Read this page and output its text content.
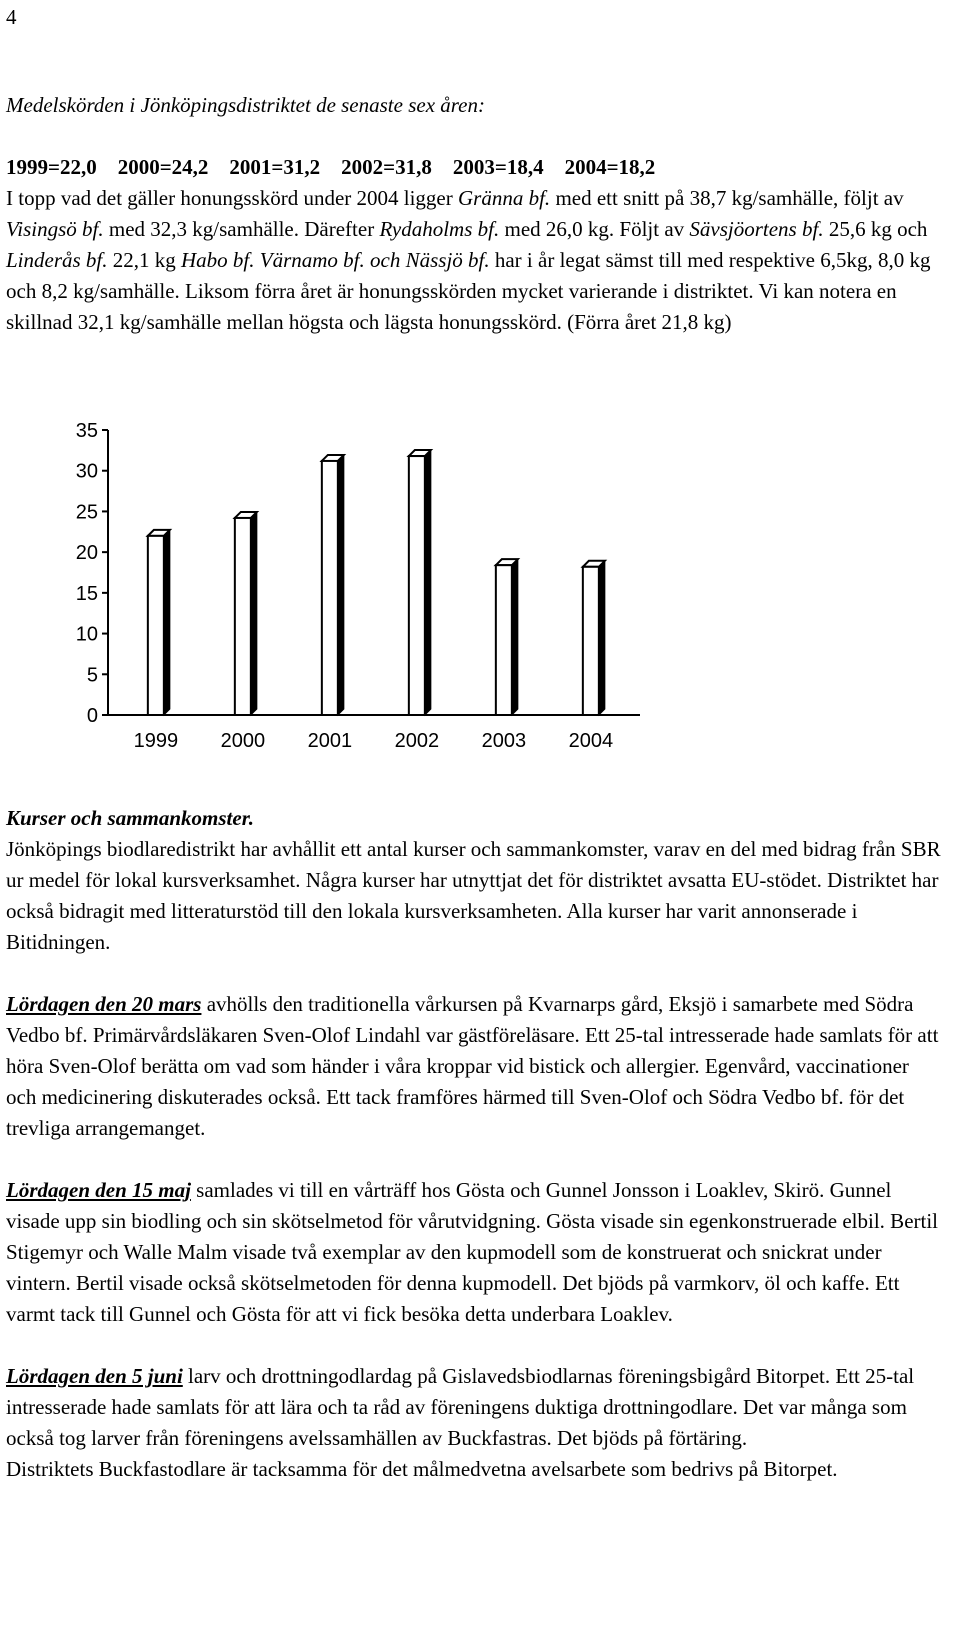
4

Medelskörden i Jönköpingsdistriktet de senaste sex åren:

1999=22,0    2000=24,2    2001=31,2    2002=31,8    2003=18,4    2004=18,2

I topp vad det gäller honungsskörd under 2004 ligger Gränna bf. med ett snitt på 38,7 kg/samhälle, följt av Visingsö bf. med 32,3 kg/samhälle. Därefter Rydaholms bf. med 26,0 kg. Följt av Sävsjöortens bf. 25,6 kg och Linderås bf. 22,1 kg Habo bf. Värnamo bf. och Nässjö bf. har i år legat sämst till med respektive 6,5kg, 8,0 kg och 8,2 kg/samhälle. Liksom förra året är honungsskörden mycket varierande i distriktet. Vi kan notera en skillnad 32,1 kg/samhälle mellan högsta och lägsta honungsskörd. (Förra året 21,8 kg)

0
5
10
15
20
25
30
35
1999 2000 2001 2002 2003 2004

Kurser och sammankomster.

Jönköpings biodlaredistrikt har avhållit ett antal kurser och sammankomster, varav en del med bidrag från SBR ur medel för lokal kursverksamhet. Några kurser har utnyttjat det för distriktet avsatta EU-stödet. Distriktet har också bidragit med litteraturstöd till den lokala kursverksamheten. Alla kurser har varit annonserade i Bitidningen.

Lördagen den 20 mars avhölls den traditionella vårkursen på Kvarnarps gård, Eksjö i samarbete med Södra Vedbo bf. Primärvårdsläkaren Sven-Olof Lindahl var gästföreläsare. Ett 25-tal intresserade hade samlats för att höra Sven-Olof berätta om vad som händer i våra kroppar vid bistick och allergier. Egenvård, vaccinationer och medicinering diskuterades också. Ett tack framföres härmed till Sven-Olof och Södra Vedbo bf. för det trevliga arrangemanget.

Lördagen den 15 maj samlades vi till en vårträff hos Gösta och Gunnel Jonsson i Loaklev, Skirö. Gunnel visade upp sin biodling och sin skötselmetod för vårutvidgning. Gösta visade sin egenkonstruerade elbil. Bertil Stigemyr och Walle Malm visade två exemplar av den kupmodell som de konstruerat och snickrat under vintern. Bertil visade också skötselmetoden för denna kupmodell. Det bjöds på varmkorv, öl och kaffe. Ett varmt tack till Gunnel och Gösta för att vi fick besöka detta underbara Loaklev.

Lördagen den 5 juni larv och drottningodlardag på Gislavedsbiodlarnas föreningsbigård Bitorpet. Ett 25-tal intresserade hade samlats för att lära och ta råd av föreningens duktiga drottningodlare. Det var många som också tog larver från föreningens avelssamhällen av Buckfastras. Det bjöds på förtäring.

Distriktets Buckfastodlare är tacksamma för det målmedvetna avelsarbete som bedrivs på Bitorpet.
